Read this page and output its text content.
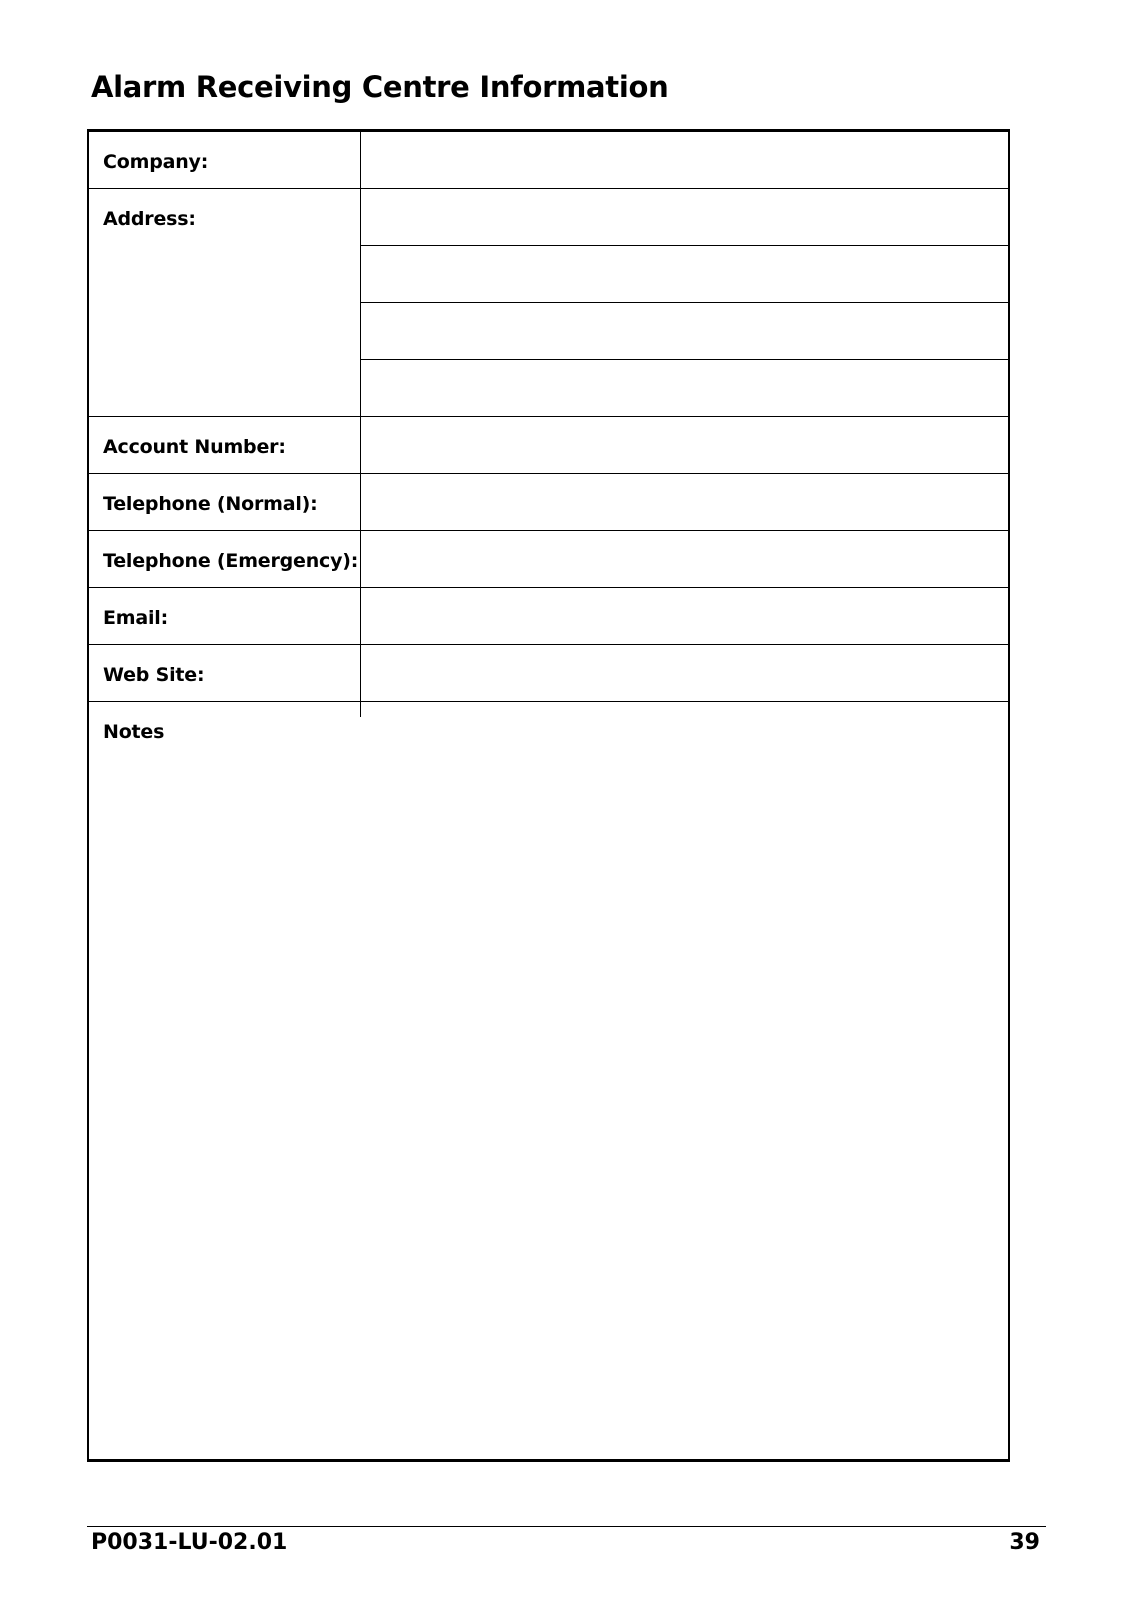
Alarm Receiving Centre Information
Company:
Address:
Account Number:
Telephone (Normal):
Telephone (Emergency):
Email:
Web Site:
Notes
P0031-LU-02.01	39
